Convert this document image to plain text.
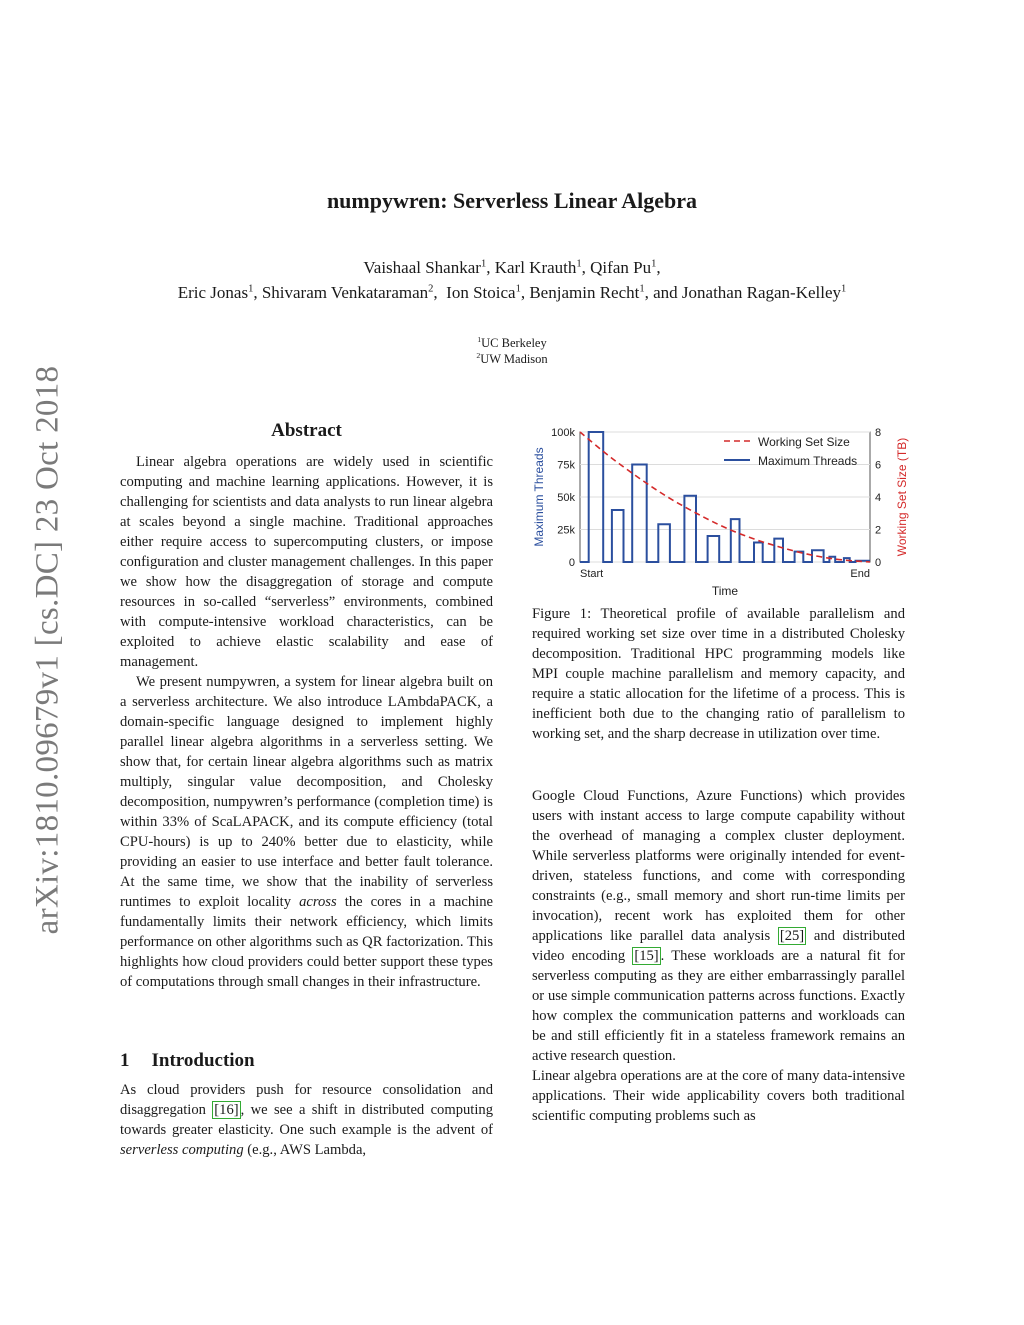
numpywren: Serverless Linear Algebra
Vaishaal Shankar$^1$, Karl Krauth$^1$, Qifan Pu$^1$,
Eric Jonas$^1$, Shivaram Venkataraman$^2$,  Ion Stoica$^1$, Benjamin Recht$^1$, and Jonathan Ragan-Kelley$^1$
$^1$UC Berkeley
$^2$UW Madison
arXiv:1810.09679v1 [cs.DC] 23 Oct 2018	Abstract

Linear algebra operations are widely used in scientific computing and machine learning applications. However, it is challenging for scientists and data analysts to run linear algebra at scales beyond a single machine. Traditional approaches either require access to supercomputing clusters, or impose configuration and cluster management challenges. In this paper we show how the disaggregation of storage and compute resources in so-called “serverless” environments, combined with compute-intensive workload characteristics, can be exploited to achieve elastic scalability and ease of management.

We present numpywren, a system for linear algebra built on a serverless architecture. We also introduce LAmbdaPACK, a domain-specific language designed to implement highly parallel linear algebra algorithms in a serverless setting. We show that, for certain linear algebra algorithms such as matrix multiply, singular value decomposition, and Cholesky decomposition, numpywren’s performance (completion time) is within 33% of ScaLAPACK, and its compute efficiency (total CPU-hours) is up to 240% better due to elasticity, while providing an easier to use interface and better fault tolerance. At the same time, we show that the inability of serverless runtimes to exploit locality across the cores in a machine fundamentally limits their network efficiency, which limits performance on other algorithms such as QR factorization. This highlights how cloud providers could better support these types of computations through small changes in their infrastructure.

1 Introduction

As cloud providers push for resource consolidation and disaggregation [16] , we see a shift in distributed computing towards greater elasticity. One such example is the advent of serverless computing (e.g., AWS Lambda,

0
25k
50k
75k
100k
0
2
4
6
8
Start	End
Maximum Threads	Working Set Size (TB)
Time
Working Set Size
Maximum Threads
Figure 1: Theoretical profile of available parallelism and required working set size over time in a distributed Cholesky decomposition. Traditional HPC programming models like MPI couple machine parallelism and memory capacity, and require a static allocation for the lifetime of a process. This is inefficient both due to the changing ratio of parallelism to working set, and the sharp decrease in utilization over time.

Google Cloud Functions, Azure Functions) which provides users with instant access to large compute capability without the overhead of managing a complex cluster deployment. While serverless platforms were originally intended for event-driven, stateless functions, and come with corresponding constraints (e.g., small memory and short run-time limits per invocation), recent work has exploited them for other applications like parallel data analysis [25] and distributed video encoding [15] . These workloads are a natural fit for serverless computing as they are either embarrassingly parallel or use simple communication patterns across functions. Exactly how complex the communication patterns and workloads can be and still efficiently fit in a stateless framework remains an active research question.

Linear algebra operations are at the core of many data-intensive applications. Their wide applicability covers both traditional scientific computing problems such as
